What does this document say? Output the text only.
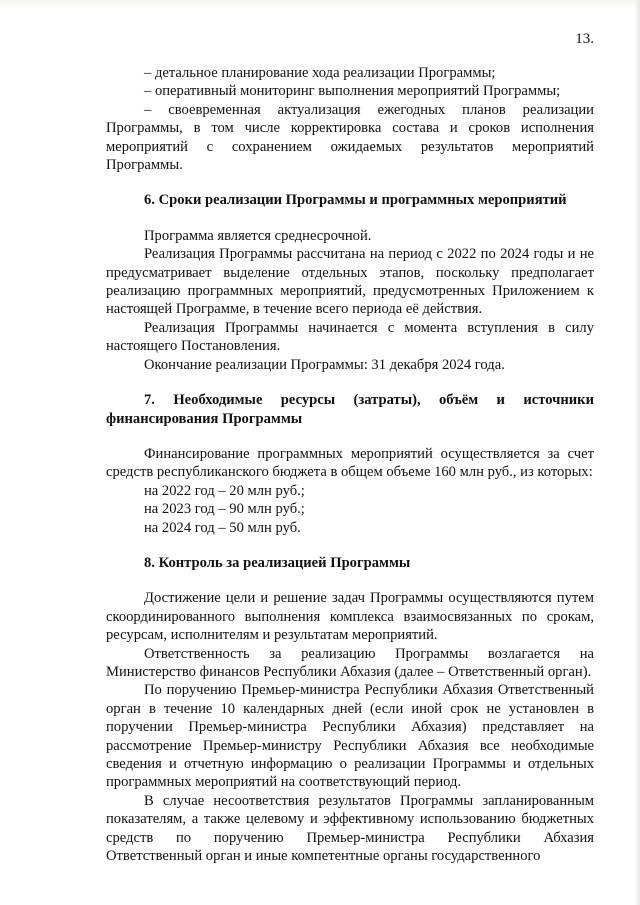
13.

– детальное планирование хода реализации Программы;

– оперативный мониторинг выполнения мероприятий Программы;

– своевременная актуализация ежегодных планов реализации Программы, в том числе корректировка состава и сроков исполнения мероприятий с сохранением ожидаемых результатов мероприятий Программы.

6. Сроки реализации Программы и программных мероприятий

Программа является среднесрочной.

Реализация Программы рассчитана на период с 2022 по 2024 годы и не предусматривает выделение отдельных этапов, поскольку предполагает реализацию программных мероприятий, предусмотренных Приложением к настоящей Программе, в течение всего периода её действия.

Реализация Программы начинается с момента вступления в силу настоящего Постановления.

Окончание реализации Программы: 31 декабря 2024 года.

7. Необходимые ресурсы (затраты), объём и источники финансирования Программы

Финансирование программных мероприятий осуществляется за счет средств республиканского бюджета в общем объеме 160 млн руб., из которых:

на 2022 год – 20 млн руб.;

на 2023 год – 90 млн руб.;

на 2024 год – 50 млн руб.

8. Контроль за реализацией Программы

Достижение цели и решение задач Программы осуществляются путем скоординированного выполнения комплекса взаимосвязанных по срокам, ресурсам, исполнителям и результатам мероприятий.

Ответственность за реализацию Программы возлагается на Министерство финансов Республики Абхазия (далее – Ответственный орган).

По поручению Премьер-министра Республики Абхазия Ответственный орган в течение 10 календарных дней (если иной срок не установлен в поручении Премьер-министра Республики Абхазия) представляет на рассмотрение Премьер-министру Республики Абхазия все необходимые сведения и отчетную информацию о реализации Программы и отдельных программных мероприятий на соответствующий период.

В случае несоответствия результатов Программы запланированным показателям, а также целевому и эффективному использованию бюджетных средств по поручению Премьер-министра Республики Абхазия Ответственный орган и иные компетентные органы государственного
